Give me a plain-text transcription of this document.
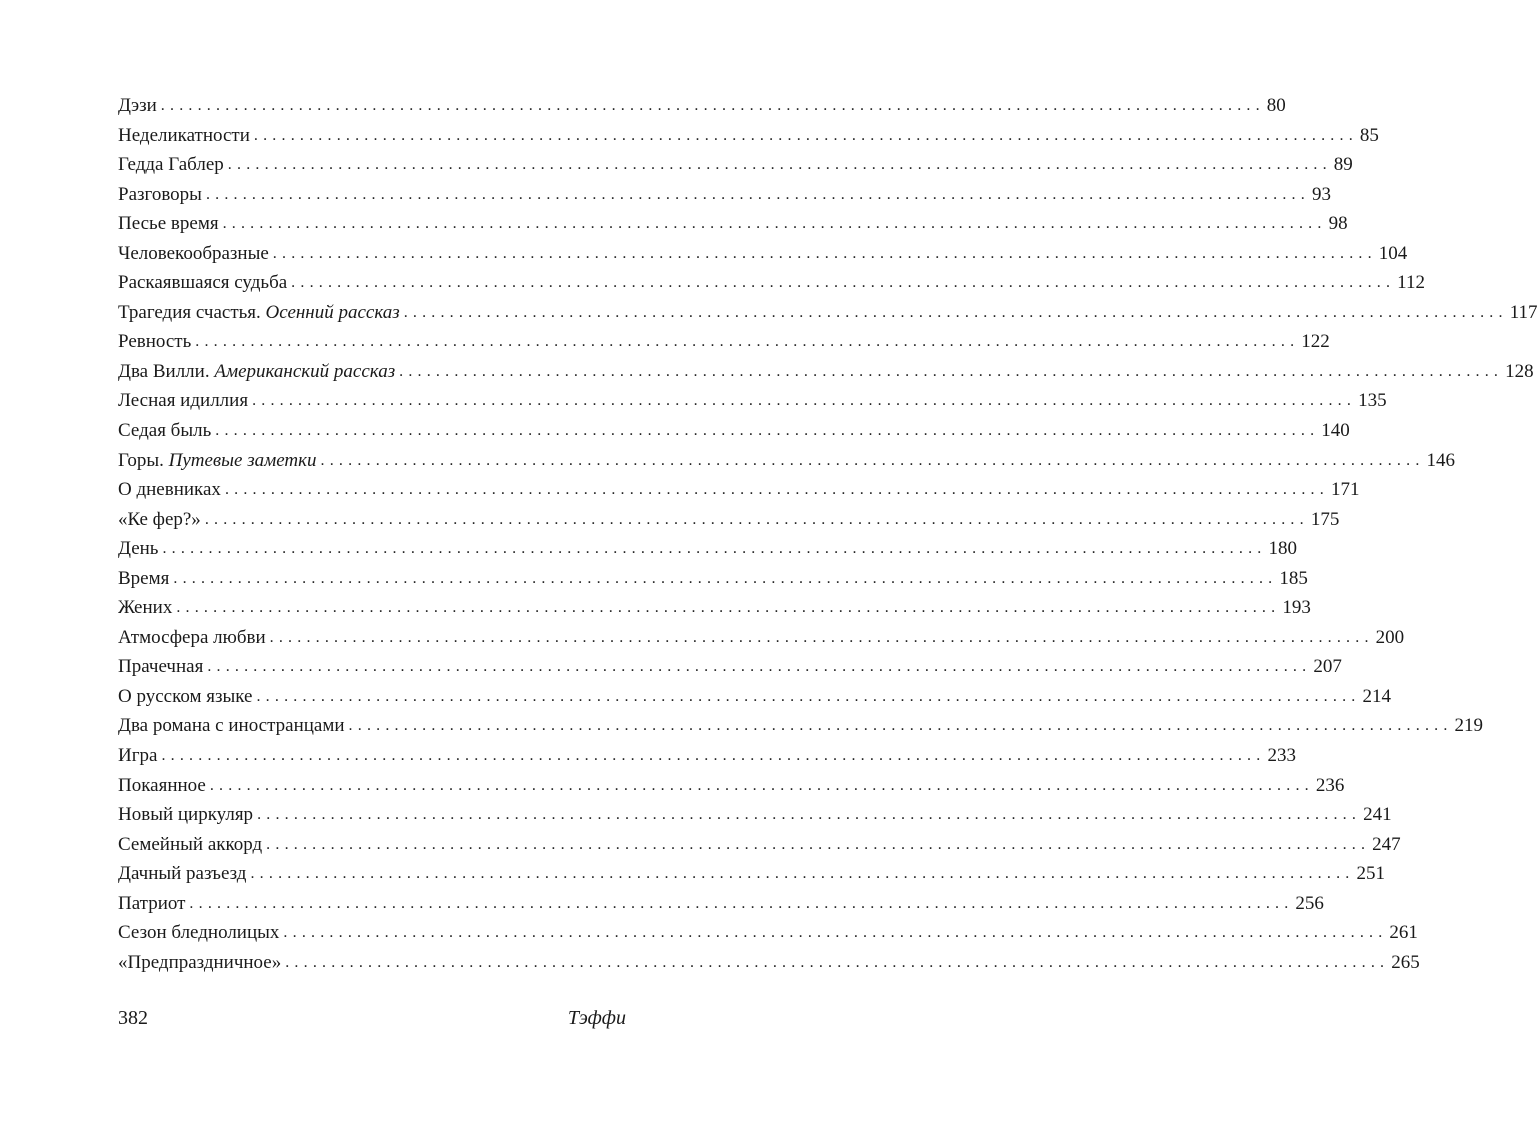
Дэзи ........................................................................................................................ 80
Неделикатности ........................................................................................................................ 85
Гедда Габлер ........................................................................................................................ 89
Разговоры ........................................................................................................................ 93
Песье время ........................................................................................................................ 98
Человекообразные ........................................................................................................................ 104
Раскаявшаяся судьба ........................................................................................................................ 112
Трагедия счастья. Осенний рассказ ........................................................................................................................ 117
Ревность ........................................................................................................................ 122
Два Вилли. Американский рассказ ........................................................................................................................ 128
Лесная идиллия ........................................................................................................................ 135
Седая быль ........................................................................................................................ 140
Горы. Путевые заметки ........................................................................................................................ 146
О дневниках ........................................................................................................................ 171
«Ке фер?» ........................................................................................................................ 175
День ........................................................................................................................ 180
Время ........................................................................................................................ 185
Жених ........................................................................................................................ 193
Атмосфера любви ........................................................................................................................ 200
Прачечная ........................................................................................................................ 207
О русском языке ........................................................................................................................ 214
Два романа с иностранцами ........................................................................................................................ 219
Игра ........................................................................................................................ 233
Покаянное ........................................................................................................................ 236
Новый циркуляр ........................................................................................................................ 241
Семейный аккорд ........................................................................................................................ 247
Дачный разъезд ........................................................................................................................ 251
Патриот ........................................................................................................................ 256
Сезон бледнолицых ........................................................................................................................ 261
«Предпраздничное» ........................................................................................................................ 265
382	Тэффи
